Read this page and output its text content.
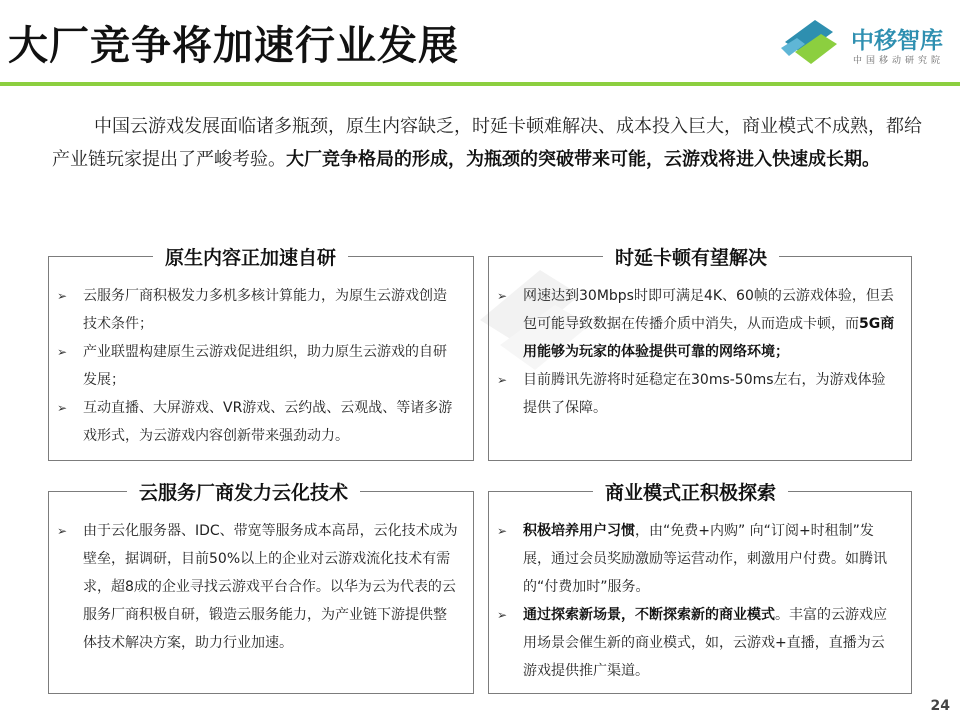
大厂竞争将加速行业发展	中移智库
中国移动研究院

中国云游戏发展面临诸多瓶颈，原生内容缺乏，时延卡顿难解决、成本投入巨大，商业模式不成熟，都给产业链玩家提出了严峻考验。大厂竞争格局的形成，为瓶颈的突破带来可能，云游戏将进入快速成长期。

原生内容正加速自研
➢ 云服务厂商积极发力多机多核计算能力，为原生云游戏创造技术条件；
➢ 产业联盟构建原生云游戏促进组织，助力原生云游戏的自研发展；
➢ 互动直播、大屏游戏、VR游戏、云约战、云观战、等诸多游戏形式，为云游戏内容创新带来强劲动力。
时延卡顿有望解决
➢ 网速达到30Mbps时即可满足4K、60帧的云游戏体验，但丢包可能导致数据在传播介质中消失，从而造成卡顿，而5G商用能够为玩家的体验提供可靠的网络环境；
➢ 目前腾讯先游将时延稳定在30ms-50ms左右，为游戏体验提供了保障。
云服务厂商发力云化技术
➢ 由于云化服务器、IDC、带宽等服务成本高昂，云化技术成为壁垒，据调研，目前50%以上的企业对云游戏流化技术有需求，超8成的企业寻找云游戏平台合作。以华为云为代表的云服务厂商积极自研，锻造云服务能力，为产业链下游提供整体技术解决方案，助力行业加速。
商业模式正积极探索
➢ 积极培养用户习惯，由“免费+内购” 向“订阅+时租制”发展，通过会员奖励激励等运营动作，刺激用户付费。如腾讯的“付费加时”服务。
➢ 通过探索新场景，不断探索新的商业模式。丰富的云游戏应用场景会催生新的商业模式，如，云游戏+直播，直播为云游戏提供推广渠道。
24
